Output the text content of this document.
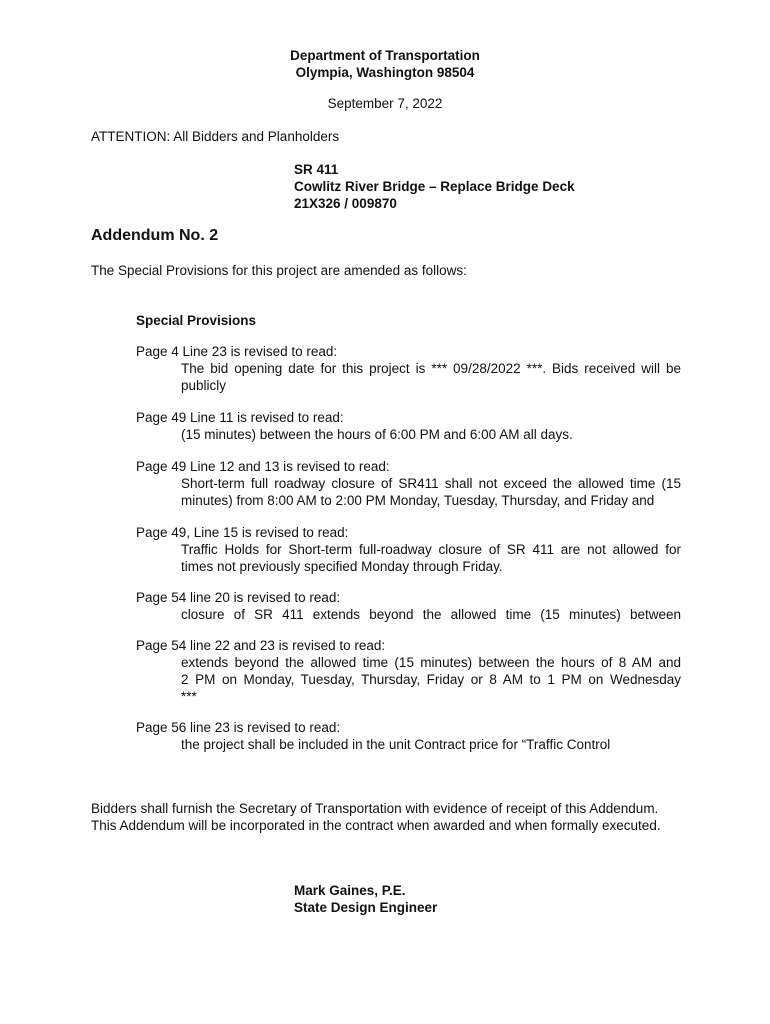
Department of Transportation

Olympia, Washington 98504

September 7, 2022

ATTENTION: All Bidders and Planholders

SR 411
Cowlitz River Bridge – Replace Bridge Deck
21X326 / 009870
Addendum No. 2

The Special Provisions for this project are amended as follows:

Special Provisions

Page 4 Line 23 is revised to read:
The bid opening date for this project is *** 09/28/2022 ***. Bids received will be
publicly
Page 49 Line 11 is revised to read:
(15 minutes) between the hours of 6:00 PM and 6:00 AM all days.
Page 49 Line 12 and 13 is revised to read:
Short-term full roadway closure of SR411 shall not exceed the allowed time (15
minutes) from 8:00 AM to 2:00 PM Monday, Tuesday, Thursday, and Friday and
Page 49, Line 15 is revised to read:
Traffic Holds for Short-term full-roadway closure of SR 411 are not allowed for
times not previously specified Monday through Friday.
Page 54 line 20 is revised to read:
closure of SR 411 extends beyond the allowed time (15 minutes) between
Page 54 line 22 and 23 is revised to read:
extends beyond the allowed time (15 minutes) between the hours of 8 AM and
2 PM on Monday, Tuesday, Thursday, Friday or 8 AM to 1 PM on Wednesday
***
Page 56 line 23 is revised to read:
the project shall be included in the unit Contract price for “Traffic Control

Bidders shall furnish the Secretary of Transportation with evidence of receipt of this Addendum.

This Addendum will be incorporated in the contract when awarded and when formally executed.

Mark Gaines, P.E.
State Design Engineer
